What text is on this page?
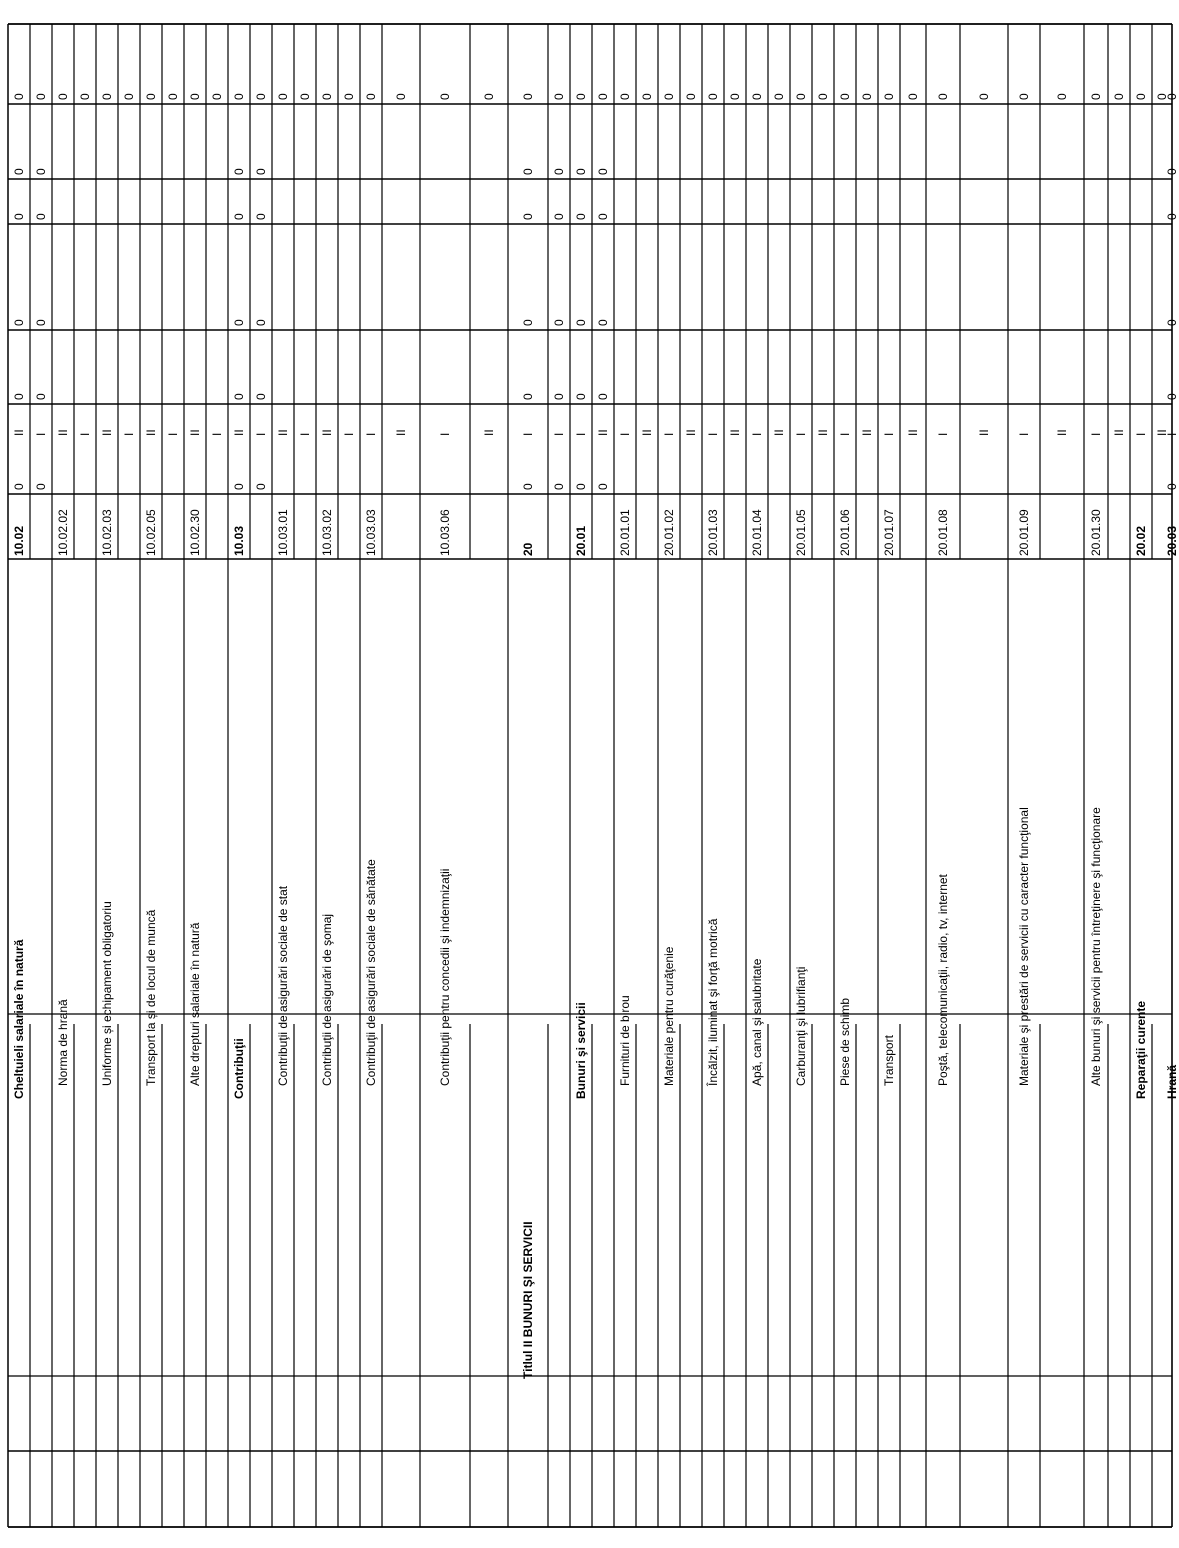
0
0
0
0
0
0
II
10.02
Cheltuieli salariale în natură
0
0
0
0
0
0
I
0
II
10.02.02
Norma de hrană
0
I
0
II
10.02.03
Uniforme și echipament obligatoriu
0
I
0
II
10.02.05
Transport la și de locul de muncă
0
I
0
II
10.02.30
Alte drepturi salariale în natură
0
I
0
0
0
0
0
0
II
10.03
Contribuţii
0
0
0
0
0
0
I
0
II
10.03.01
Contribuţii de asigurări sociale de stat
0
I
0
II
10.03.02
Contribuţii de asigurări de şomaj
0
I
0
I
10.03.03
Contribuţii de asigurări sociale de sănătate
0
II
0
I
10.03.06
Contribuţii pentru concedii şi indemnizaţii
0
II
0
0
0
0
0
0
I
20
Titlul II BUNURI ŞI SERVICII
0
0
0
0
0
0
I
0
0
0
0
0
0
I
20.01
Bunuri şi servicii
0
0
0
0
0
0
II
0
I
20.01.01
Furnituri de birou
0
II
0
I
20.01.02
Materiale pentru curăţenie
0
II
0
I
20.01.03
Încălzit, iluminat şi forţă motrică
0
II
0
I
20.01.04
Apă, canal şi salubritate
0
II
0
I
20.01.05
Carburanţi şi lubrifianţi
0
II
0
I
20.01.06
Piese de schimb
0
II
0
I
20.01.07
Transport
0
II
0
I
20.01.08
Poştă, telecomunicaţii, radio, tv, internet
0
II
0
I
20.01.09
Materiale şi prestări de servicii cu caracter funcţional
0
II
0
I
20.01.30
Alte bunuri şi servicii pentru întreţinere şi funcţionare
0
II
0
I
20.02
Reparaţii curente
0
II
0
0
0
0
0
0
I
20.03
Hrană
